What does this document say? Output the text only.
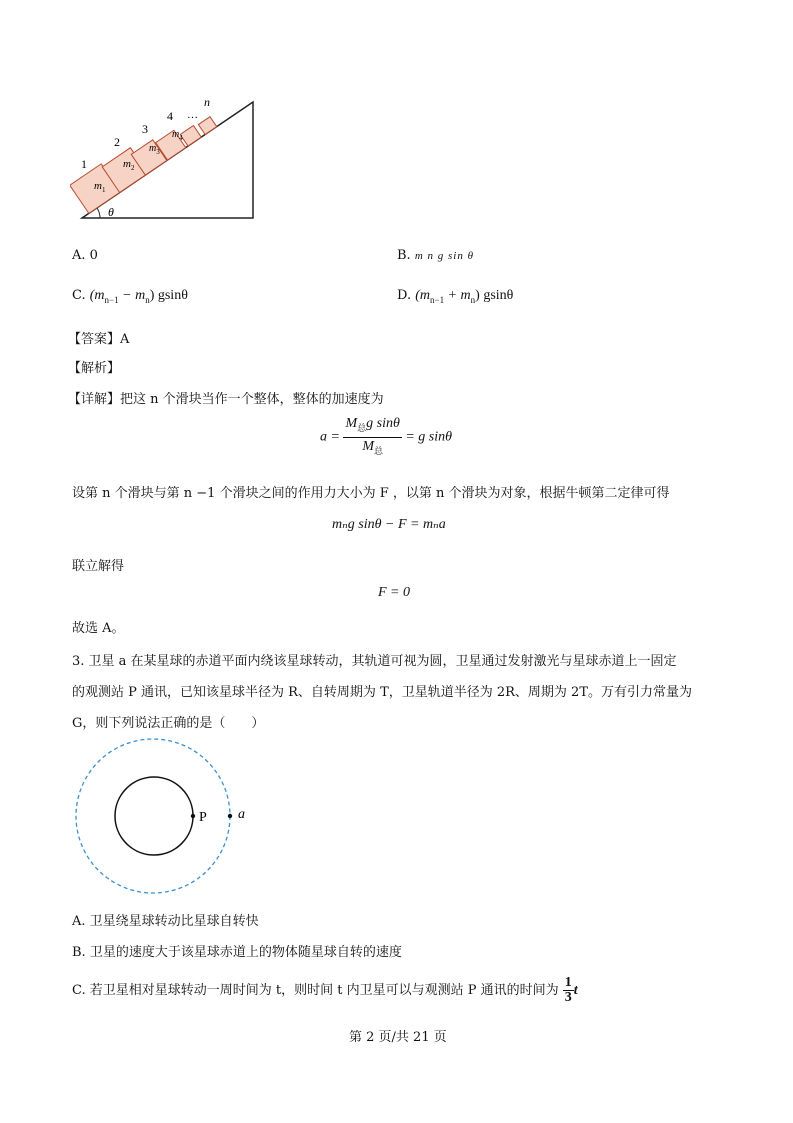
θ
1
2
3
4 …
n
$m_1$
$m_2$
$m_3$
$m_4$
A. 0	B. m n g sin θ
C. $(m_{n-1} - m_n)$ gsinθ	D. $(m_{n-1} + m_n)$ gsinθ
【答案】A
【解析】
【详解】把这 n 个滑块当作一个整体，整体的加速度为
$a = \frac{M_总g \sin\theta}{M_总} = g$ sinθ
设第 n 个滑块与第 n −1 个滑块之间的作用力大小为 F ，以第 n 个滑块为对象，根据牛顿第二定律可得
mₙg sinθ − F = mₙa
联立解得
F = 0
故选 A。
3. 卫星 a 在某星球的赤道平面内绕该星球转动，其轨道可视为圆，卫星通过发射激光与星球赤道上一固定
的观测站 P 通讯，已知该星球半径为 R、自转周期为 T，卫星轨道半径为 2R、周期为 2T。万有引力常量为
G，则下列说法正确的是（　　）
P a
A. 卫星绕星球转动比星球自转快
B. 卫星的速度大于该星球赤道上的物体随星球自转的速度
C. 若卫星相对星球转动一周时间为 t，则时间 t 内卫星可以与观测站 P 通讯的时间为 $\frac{1}{3}$ t
第 2 页/共 21 页
